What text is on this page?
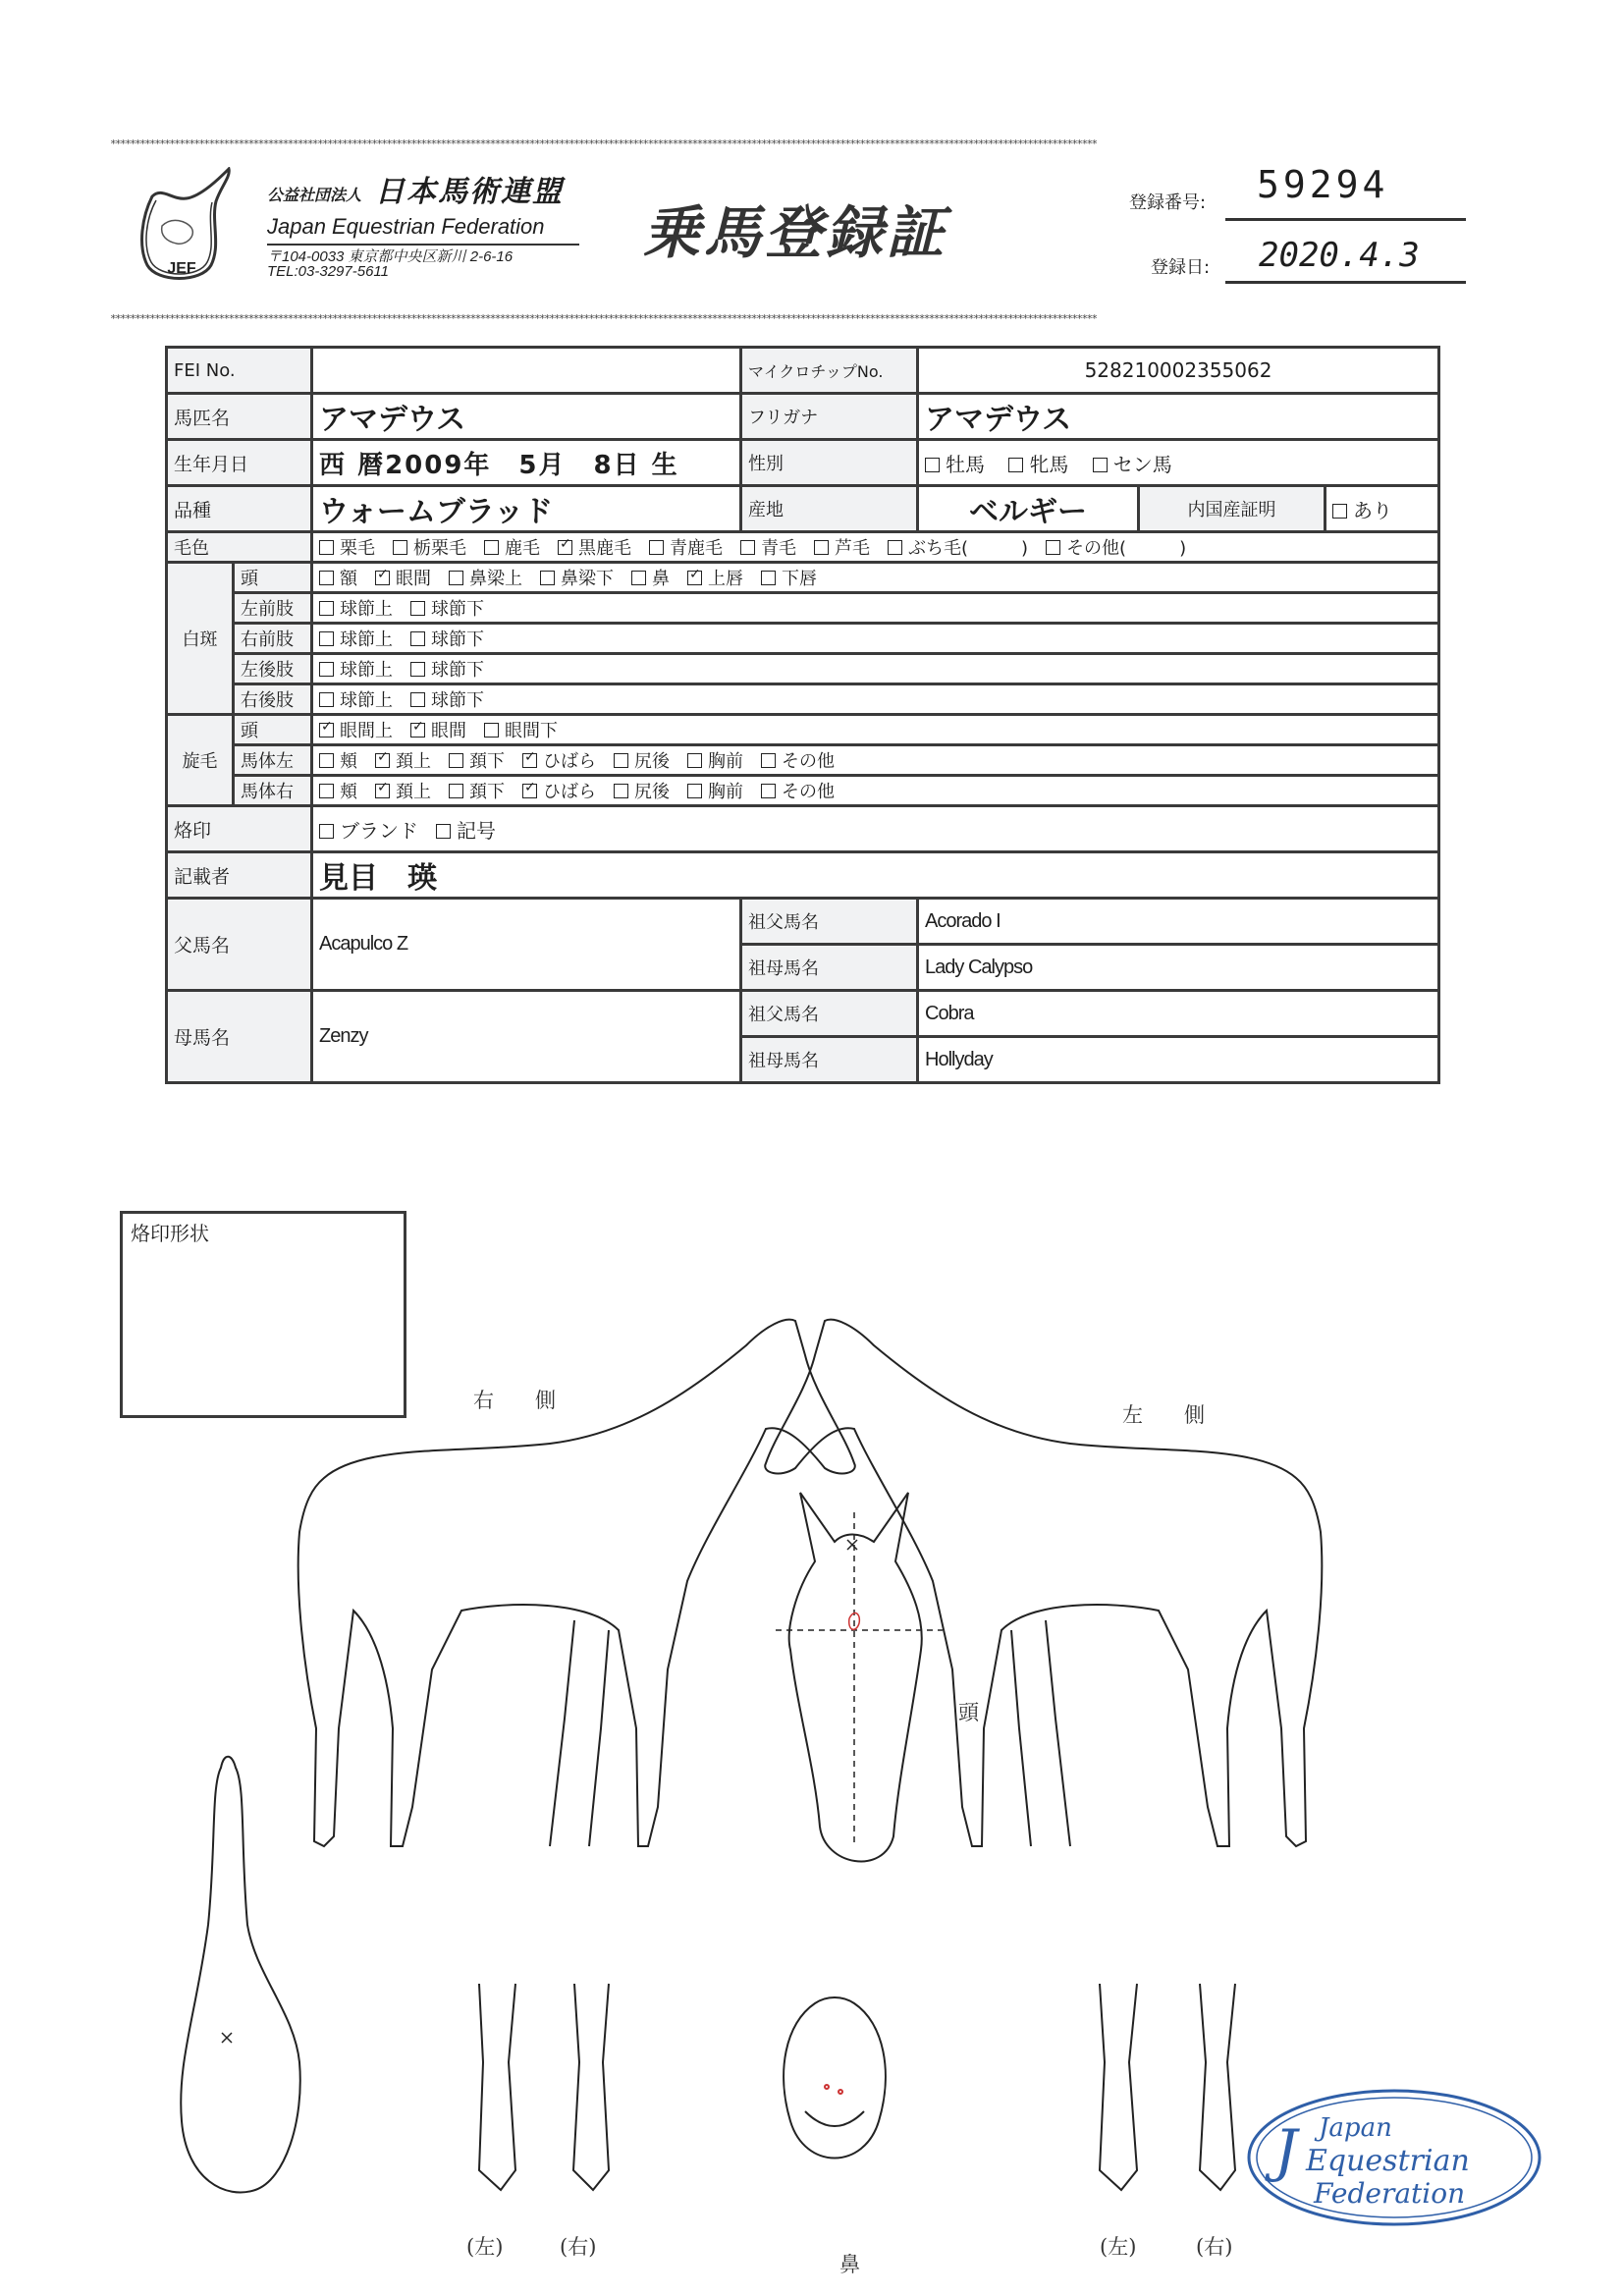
********************************************************************************************************************************************************************************************************
JEF
公益社団法人 日本馬術連盟
Japan Equestrian Federation
〒104-0033 東京都中央区新川 2-6-16
TEL:03-3297-5611
乗馬登録証	登録番号: 59294
登録日: 2020.4.3
********************************************************************************************************************************************************************************************************
FEI No.			マイクロチップNo.	528210002355062		
馬匹名		アマデウス	フリガナ	アマデウス		
生年月日		西 暦2009年　5月　8日 生	性別	牡馬 牝馬 セン馬		
品種		ウォームブラッド	産地	ベルギー	内国産証明	あり
毛色		栗毛 栃栗毛 鹿毛 ✓ 黒鹿毛 青鹿毛 青毛 芦毛 ぶち毛(　　　) その他(　　　)
白斑	頭	額 ✓ 眼間 鼻梁上 鼻梁下 鼻 ✓ 上唇 下唇
	左前肢	球節上 球節下				
	右前肢	球節上 球節下				
	左後肢	球節上 球節下				
	右後肢	球節上 球節下				
旋毛	頭	✓眼間上 ✓ 眼間 眼間下
	馬体左	頬 ✓ 頚上 頚下 ✓ ひばら 尻後 胸前 その他
	馬体右	頬 ✓ 頚上 頚下 ✓ ひばら 尻後 胸前 その他
烙印		ブランド 記号				
記載者		見目　瑛				
父馬名		Acapulco Z	祖父馬名	Acorado I		
			祖母馬名	Lady Calypso		
母馬名		Zenzy	祖父馬名	Cobra		
			祖母馬名	Hollyday		
烙印形状
右　　側
左　　側
頭
(左)	(右)
鼻
(左)	(右)
J Japan
Equestrian
Federation
